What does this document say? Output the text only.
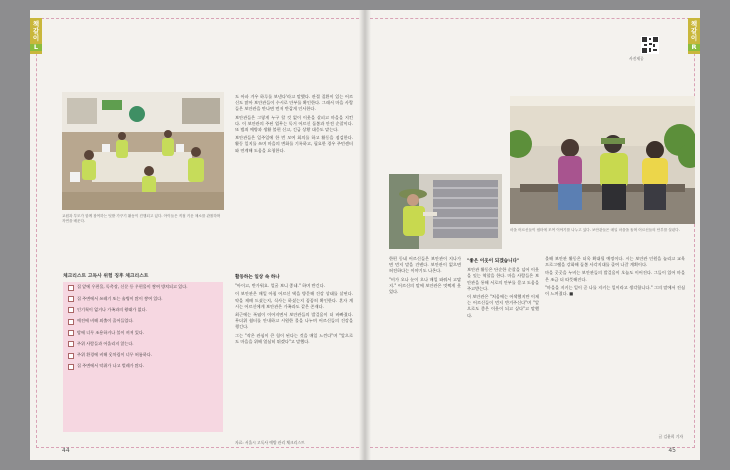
책 같 이
L
교원과 부모가 함께 참여하는 텃밭 가꾸기 활동이 진행되고 있다. 아이들은 직접 키운 채소를 관찰하며 자연을 배운다.

도 아파 겨우 하루를 보낸다'라고 말했다. 관절 질환이 있는 어르신도 많아 보안관들이 수시로 안부를 확인한다. 그래서 마을 사람들은 보안관을 만나면 먼저 반갑게 인사한다.

보안관들은 그렇게 누구 할 것 없이 이웃을 살피고 마을을 지킨다. 이 보안관의 주된 업무는 독거 어르신 돌봄과 안전 순찰이다. 또 범죄 예방과 생활 불편 신고, 긴급 상황 대응도 맡는다.

보안관들은 일주일에 한 번 모여 회의를 하고 활동을 점검한다. 활동 일지를 쓰며 마을의 변화를 기록하고, 필요한 경우 주민센터와 연계해 도움을 요청한다.

활동하는 일상 속 하나

"아이고, 반가워요. 얼굴 보니 좋네." 하며 반긴다.

이 보안관은 매일 아침 어르신 댁을 방문해 건강 상태를 살핀다. 약을 제때 드셨는지, 식사는 하셨는지 꼼꼼히 확인한다. 혼자 계시는 어르신에게 보안관은 가족과도 같은 존재다.

최근에는 폭염이 이어지면서 보안관들의 발걸음이 더 바빠졌다. 무더위 쉼터를 안내하고 시원한 물을 나누며 어르신들의 건강을 챙긴다.

그는 "작은 관심이 큰 힘이 된다는 것을 매일 느낀다"며 "앞으로도 마을을 위해 열심히 뛰겠다"고 말했다.

체크리스트 고독사 위험 징후 체크리스트
집 앞에 우편물, 독촉장, 신문 등 우편물이 쌓여 방치되고 있다.
집 주변에서 쓰레기 또는 술병이 많이 쌓여 있다.
인기척이 없거나 가족과의 왕래가 없다.
예전에 비해 외출이 줄어들었다.
밤에 너무 조용하거나 불이 꺼져 있다.
주위 사람들과 어울리지 않는다.
주위 환경에 비해 옷차림이 너무 허름하다.
집 주변에서 악취가 나고 벌레가 많다.
자료: 서울시 고독사 예방 관리 체크리스트
44
책 같 이
R
사진제공
마을 어르신들이 쉼터에 모여 이야기를 나누고 있다. 보안관들은 매일 마을을 돌며 어르신들의 안부를 살핀다.

한편 동네 어르신들은 보안관이 지나가면 먼저 말을 건넨다. 보안관이 없으면 허전하다는 이야기도 나온다.

"비가 오나 눈이 오나 매일 와줘서 고맙지." 어르신의 말에 보안관은 멋쩍게 웃었다.

"좋은 이웃이 되겠습니다"

보안관 활동은 단순한 순찰을 넘어 이웃을 잇는 역할을 한다. 마을 사람들은 보안관을 통해 서로의 안부를 묻고 도움을 주고받는다.

이 보안관은 "처음에는 어색했지만 이제는 어르신들이 먼저 반겨주신다"며 "앞으로도 좋은 이웃이 되고 싶다"고 말했다.

올해 보안관 활동은 더욱 확대될 예정이다. 시는 보안관 인원을 늘리고 교육 프로그램을 강화해 돌봄 사각지대를 줄여 나갈 계획이다.

마을 곳곳을 누비는 보안관들의 발걸음이 오늘도 이어진다. 그들이 있어 마을은 조금 더 따뜻해진다.

"마을을 지키는 일이 곧 나를 지키는 일이라고 생각합니다." 그의 말에서 진심이 느껴졌다. ■

글 김윤희 기자
45
